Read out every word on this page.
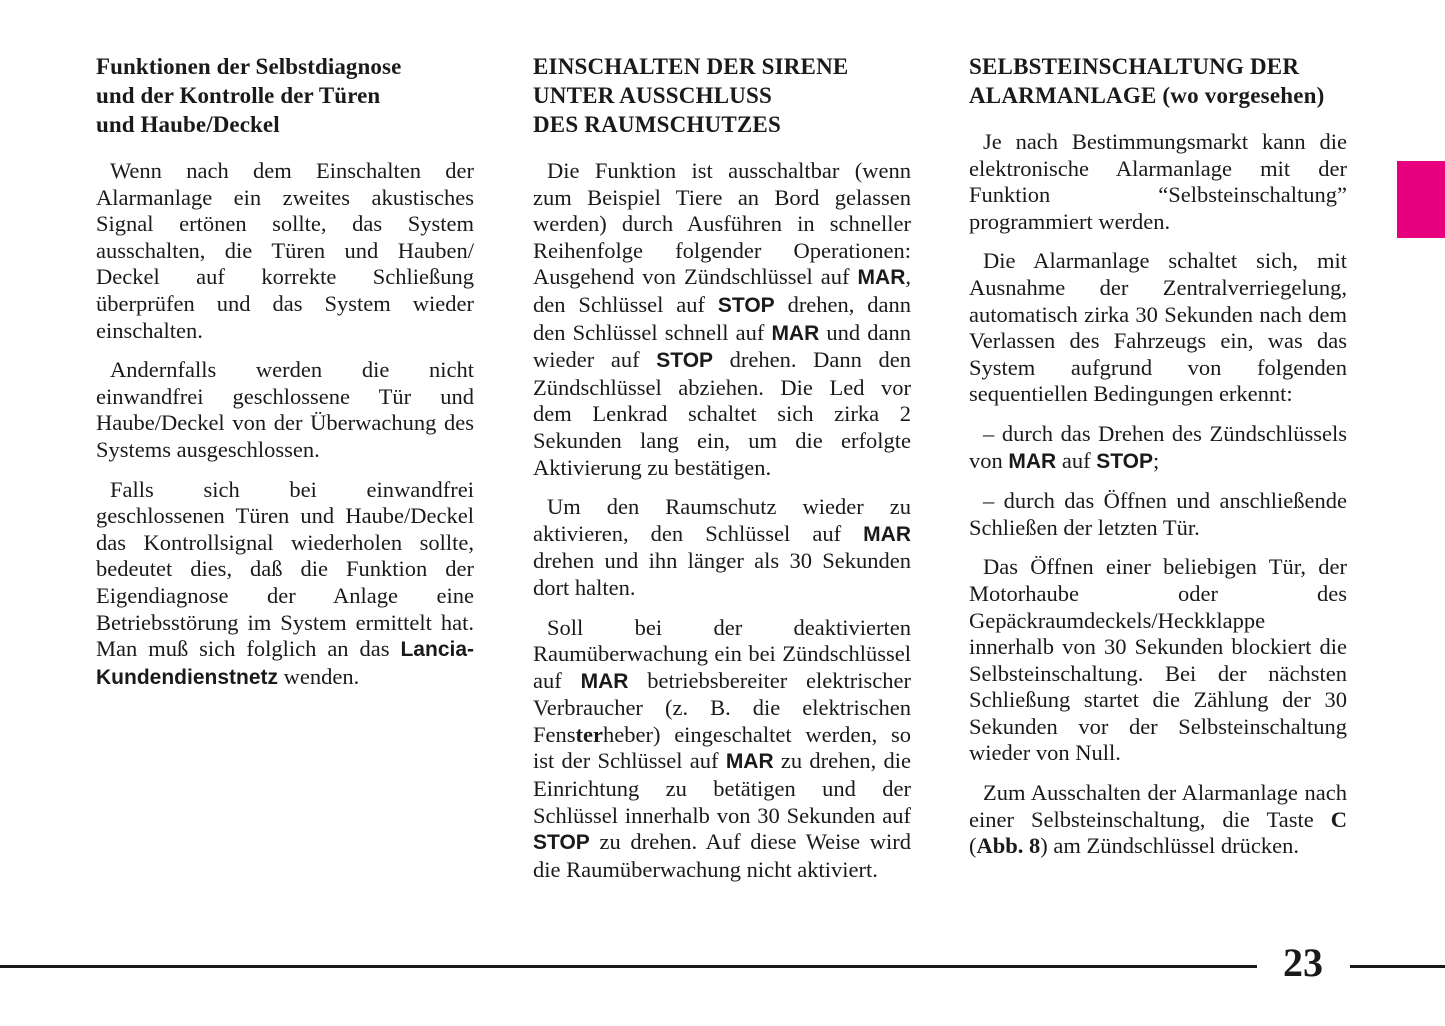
Funktionen der Selbstdiagnose
und der Kontrolle der Türen
und Haube/Deckel

Wenn nach dem Einschalten der Alarmanlage ein zweites akustisches Signal ertönen sollte, das System ausschalten, die Türen und Hauben/ Deckel auf korrekte Schließung überprüfen und das System wieder einschalten.

Andernfalls werden die nicht einwandfrei geschlossene Tür und Haube/Deckel von der Überwachung des Systems ausgeschlossen.

Falls sich bei einwandfrei geschlossenen Türen und Haube/Deckel das Kontrollsignal wiederholen sollte, bedeutet dies, daß die Funktion der Eigendiagnose der Anlage eine Betriebsstörung im System ermittelt hat. Man muß sich folglich an das Lancia-Kundendienstnetz wenden.

EINSCHALTEN DER SIRENE
UNTER AUSSCHLUSS
DES RAUMSCHUTZES

Die Funktion ist ausschaltbar (wenn zum Beispiel Tiere an Bord gelassen werden) durch Ausführen in schneller Reihenfolge folgender Operationen: Ausgehend von Zündschlüssel auf MAR, den Schlüssel auf STOP drehen, dann den Schlüssel schnell auf MAR und dann wieder auf STOP drehen. Dann den Zündschlüssel abziehen. Die Led vor dem Lenkrad schaltet sich zirka 2 Sekunden lang ein, um die erfolgte Aktivierung zu bestätigen.

Um den Raumschutz wieder zu aktivieren, den Schlüssel auf MAR drehen und ihn länger als 30 Sekunden dort halten.

Soll bei der deaktivierten Raumüberwachung ein bei Zündschlüssel auf MAR betriebsbereiter elektrischer Verbraucher (z. B. die elektrischen Fensterheber) eingeschaltet werden, so ist der Schlüssel auf MAR zu drehen, die Einrichtung zu betätigen und der Schlüssel innerhalb von 30 Sekunden auf STOP zu drehen. Auf diese Weise wird die Raumüberwachung nicht aktiviert.

SELBSTEINSCHALTUNG DER
ALARMANLAGE (wo vorgesehen)

Je nach Bestimmungsmarkt kann die elektronische Alarmanlage mit der Funktion “Selbsteinschaltung” programmiert werden.

Die Alarmanlage schaltet sich, mit Ausnahme der Zentralverriegelung, automatisch zirka 30 Sekunden nach dem Verlassen des Fahrzeugs ein, was das System aufgrund von folgenden sequentiellen Bedingungen erkennt:

– durch das Drehen des Zündschlüssels von MAR auf STOP;

– durch das Öffnen und anschließende Schließen der letzten Tür.

Das Öffnen einer beliebigen Tür, der Motorhaube oder des Gepäckraumdeckels/Heckklappe innerhalb von 30 Sekunden blockiert die Selbsteinschaltung. Bei der nächsten Schließung startet die Zählung der 30 Sekunden vor der Selbsteinschaltung wieder von Null.

Zum Ausschalten der Alarmanlage nach einer Selbsteinschaltung, die Taste C (Abb. 8) am Zündschlüssel drücken.

23
